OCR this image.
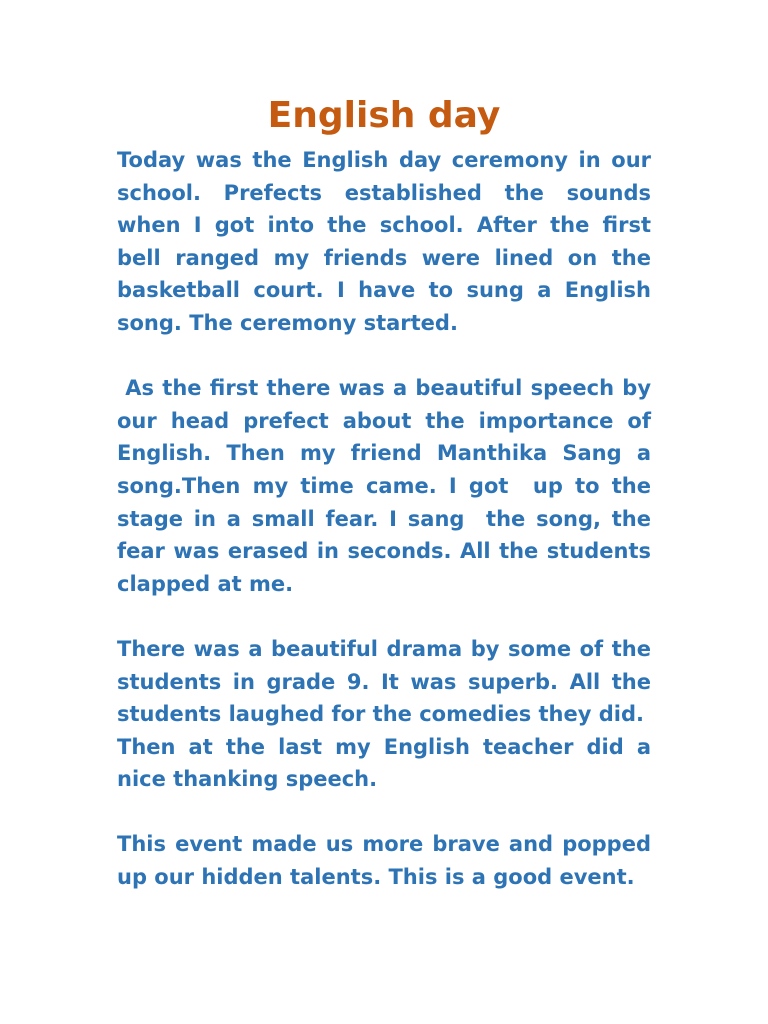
English day

Today was the English day ceremony in our school. Prefects established the sounds when I got into the school. After the first bell ranged my friends were lined on the basketball court. I have to sung a English song. The ceremony started.

As the first there was a beautiful speech by our head prefect about the importance of English. Then my friend Manthika Sang a song.Then my time came. I got  up to the stage in a small fear. I sang  the song, the fear was erased in seconds. All the students clapped at me.

There was a beautiful drama by some of the students in grade 9. It was superb. All the students laughed for the comedies they did.

Then at the last my English teacher did a nice thanking speech.

This event made us more brave and popped up our hidden talents. This is a good event.
